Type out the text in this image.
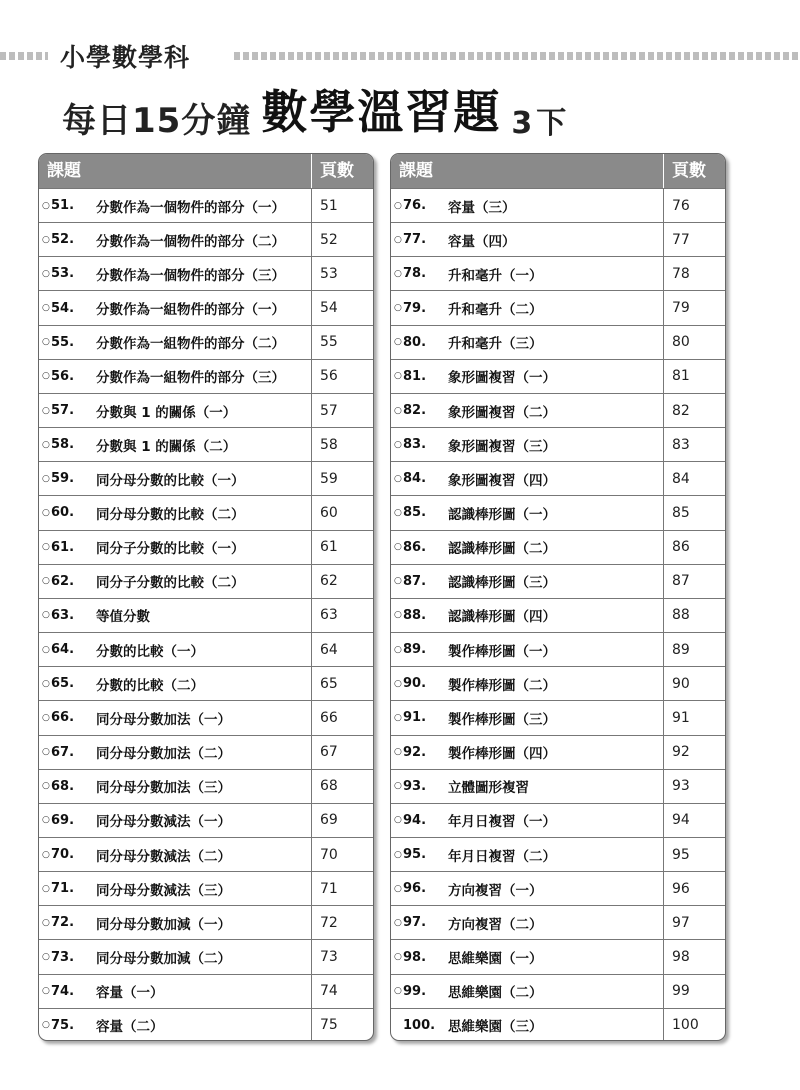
小學數學科
每日15分鐘 數學溫習題 3下
課題	頁數
○ 51.	分數作為一個物件的部分（一）	51
○ 52.	分數作為一個物件的部分（二）	52
○ 53.	分數作為一個物件的部分（三）	53
○ 54.	分數作為一組物件的部分（一）	54
○ 55.	分數作為一組物件的部分（二）	55
○ 56.	分數作為一組物件的部分（三）	56
○ 57.	分數與 1 的關係（一）	57
○ 58.	分數與 1 的關係（二）	58
○ 59.	同分母分數的比較（一）	59
○ 60.	同分母分數的比較（二）	60
○ 61.	同分子分數的比較（一）	61
○ 62.	同分子分數的比較（二）	62
○ 63.	等值分數	63
○ 64.	分數的比較（一）	64
○ 65.	分數的比較（二）	65
○ 66.	同分母分數加法（一）	66
○ 67.	同分母分數加法（二）	67
○ 68.	同分母分數加法（三）	68
○ 69.	同分母分數減法（一）	69
○ 70.	同分母分數減法（二）	70
○ 71.	同分母分數減法（三）	71
○ 72.	同分母分數加減（一）	72
○ 73.	同分母分數加減（二）	73
○ 74.	容量（一）	74
○ 75.	容量（二）	75
課題	頁數
○ 76.	容量（三）	76
○ 77.	容量（四）	77
○ 78.	升和毫升（一）	78
○ 79.	升和毫升（二）	79
○ 80.	升和毫升（三）	80
○ 81.	象形圖複習（一）	81
○ 82.	象形圖複習（二）	82
○ 83.	象形圖複習（三）	83
○ 84.	象形圖複習（四）	84
○ 85.	認識棒形圖（一）	85
○ 86.	認識棒形圖（二）	86
○ 87.	認識棒形圖（三）	87
○ 88.	認識棒形圖（四）	88
○ 89.	製作棒形圖（一）	89
○ 90.	製作棒形圖（二）	90
○ 91.	製作棒形圖（三）	91
○ 92.	製作棒形圖（四）	92
○ 93.	立體圖形複習	93
○ 94.	年月日複習（一）	94
○ 95.	年月日複習（二）	95
○ 96.	方向複習（一）	96
○ 97.	方向複習（二）	97
○ 98.	思維樂園（一）	98
○ 99.	思維樂園（二）	99
100. 思維樂園（三）	100
